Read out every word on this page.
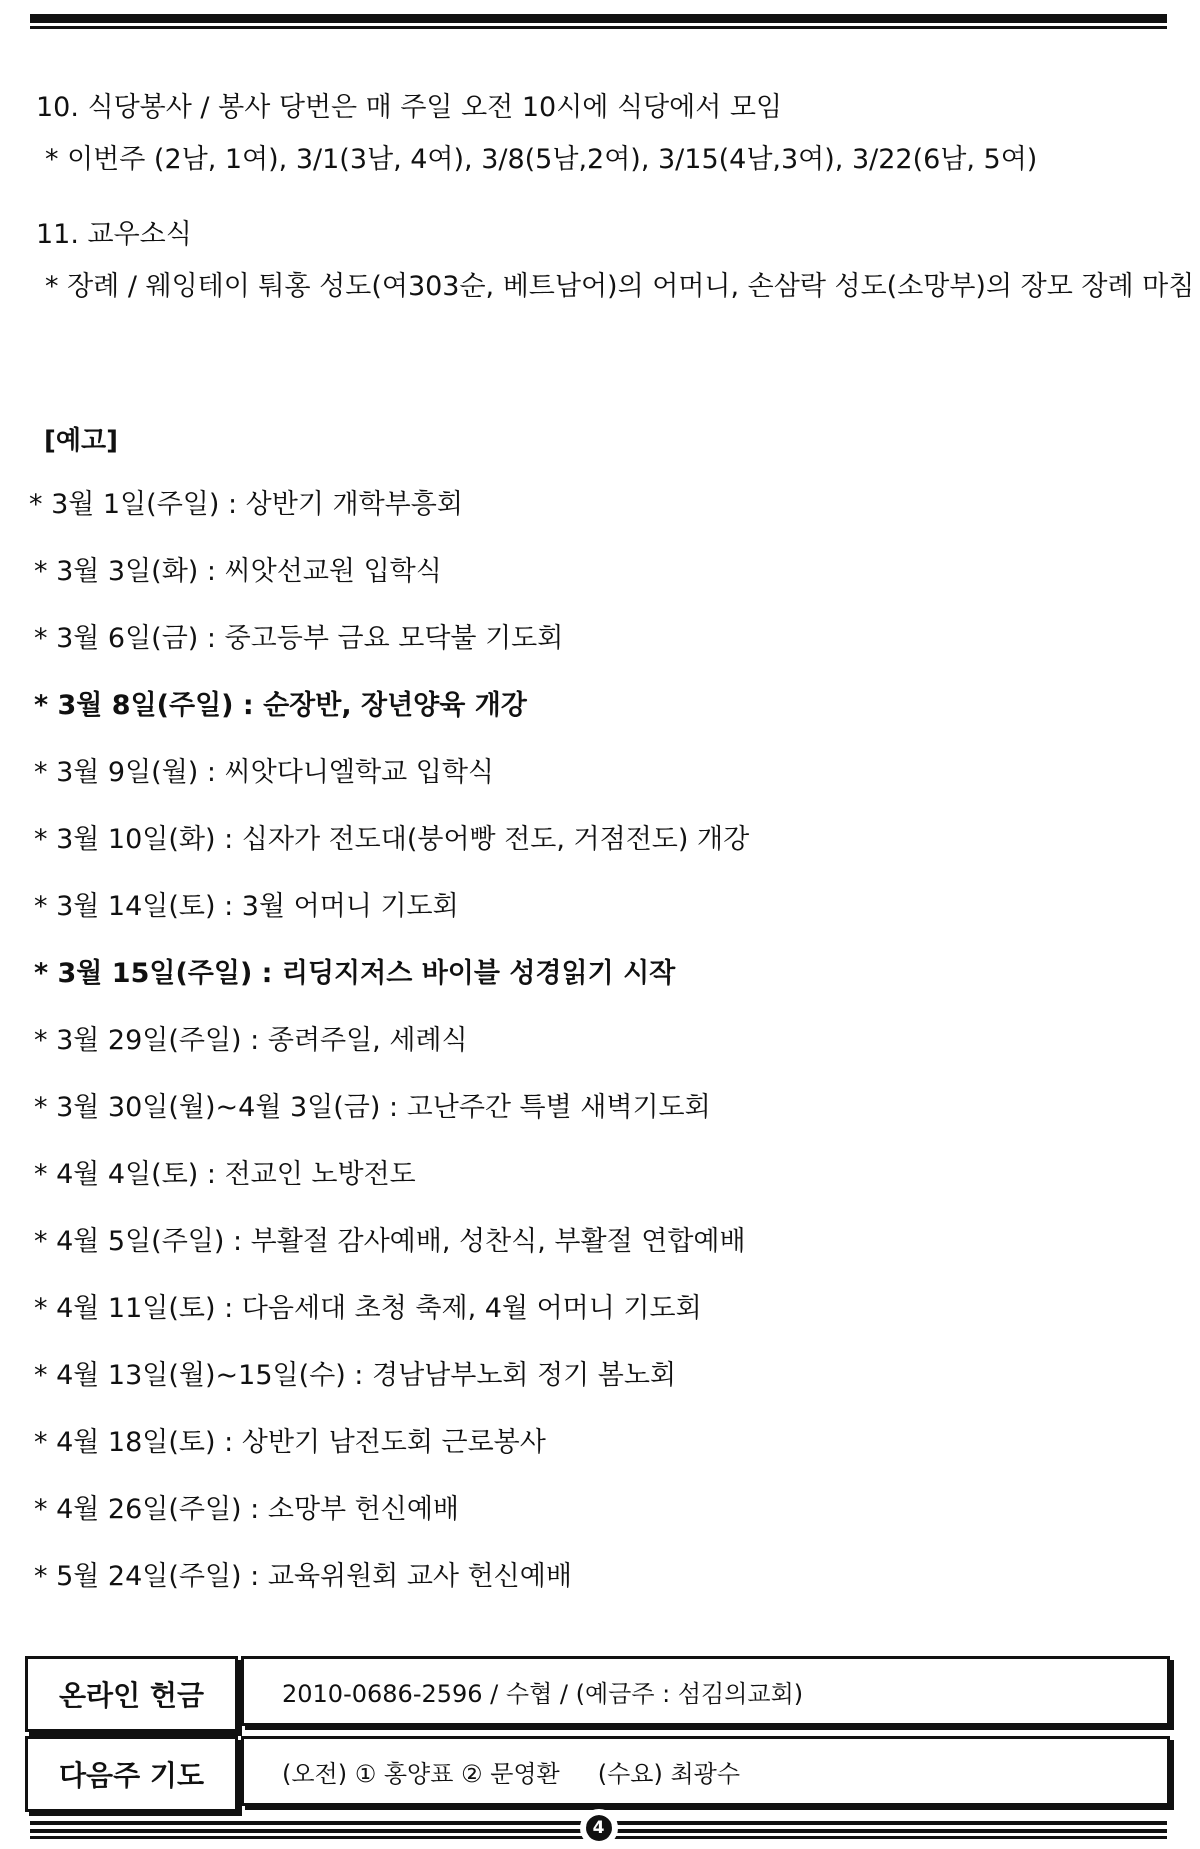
10. 식당봉사 / 봉사 당번은 매 주일 오전 10시에 식당에서 모임
* 이번주 (2남, 1여), 3/1(3남, 4여), 3/8(5남,2여), 3/15(4남,3여), 3/22(6남, 5여)
11. 교우소식
* 장례 / 웨잉테이 퉈홍 성도(여303순, 베트남어)의 어머니, 손삼락 성도(소망부)의 장모 장례 마침
[예고]
* 3월 1일(주일) : 상반기 개학부흥회
* 3월 3일(화) : 씨앗선교원 입학식
* 3월 6일(금) : 중고등부 금요 모닥불 기도회
* 3월 8일(주일) : 순장반, 장년양육 개강
* 3월 9일(월) : 씨앗다니엘학교 입학식
* 3월 10일(화) : 십자가 전도대(붕어빵 전도, 거점전도) 개강
* 3월 14일(토) : 3월 어머니 기도회
* 3월 15일(주일) : 리딩지저스 바이블 성경읽기 시작
* 3월 29일(주일) : 종려주일, 세례식
* 3월 30일(월)~4월 3일(금) : 고난주간 특별 새벽기도회
* 4월 4일(토) : 전교인 노방전도
* 4월 5일(주일) : 부활절 감사예배, 성찬식, 부활절 연합예배
* 4월 11일(토) : 다음세대 초청 축제, 4월 어머니 기도회
* 4월 13일(월)~15일(수) : 경남남부노회 정기 봄노회
* 4월 18일(토) : 상반기 남전도회 근로봉사
* 4월 26일(주일) : 소망부 헌신예배
* 5월 24일(주일) : 교육위원회 교사 헌신예배
온라인 헌금	2010-0686-2596 / 수협 / (예금주 : 섬김의교회)
다음주 기도	(오전) ① 홍양표 ② 문영환 (수요) 최광수
4
